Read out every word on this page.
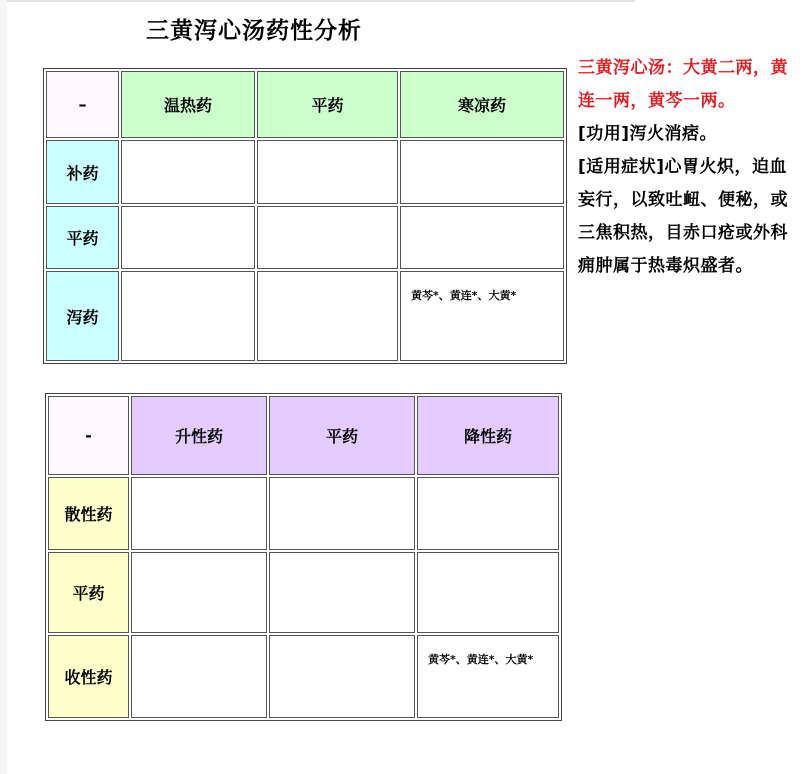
三黄泻心汤药性分析
–	温热药	平药	寒凉药
补药			
平药			
泻药			黄芩*、黄连*、大黄*
-	升性药	平药	降性药
散性药			
平药			
收性药			黄芩*、黄连*、大黄*
三黄泻心汤：大黄二两，黄连一两，黄芩一两。
[功用]泻火消痞。
[适用症状]心胃火炽，迫血妄行，以致吐衄、便秘，或三焦积热，目赤口疮或外科痈肿属于热毒炽盛者。
